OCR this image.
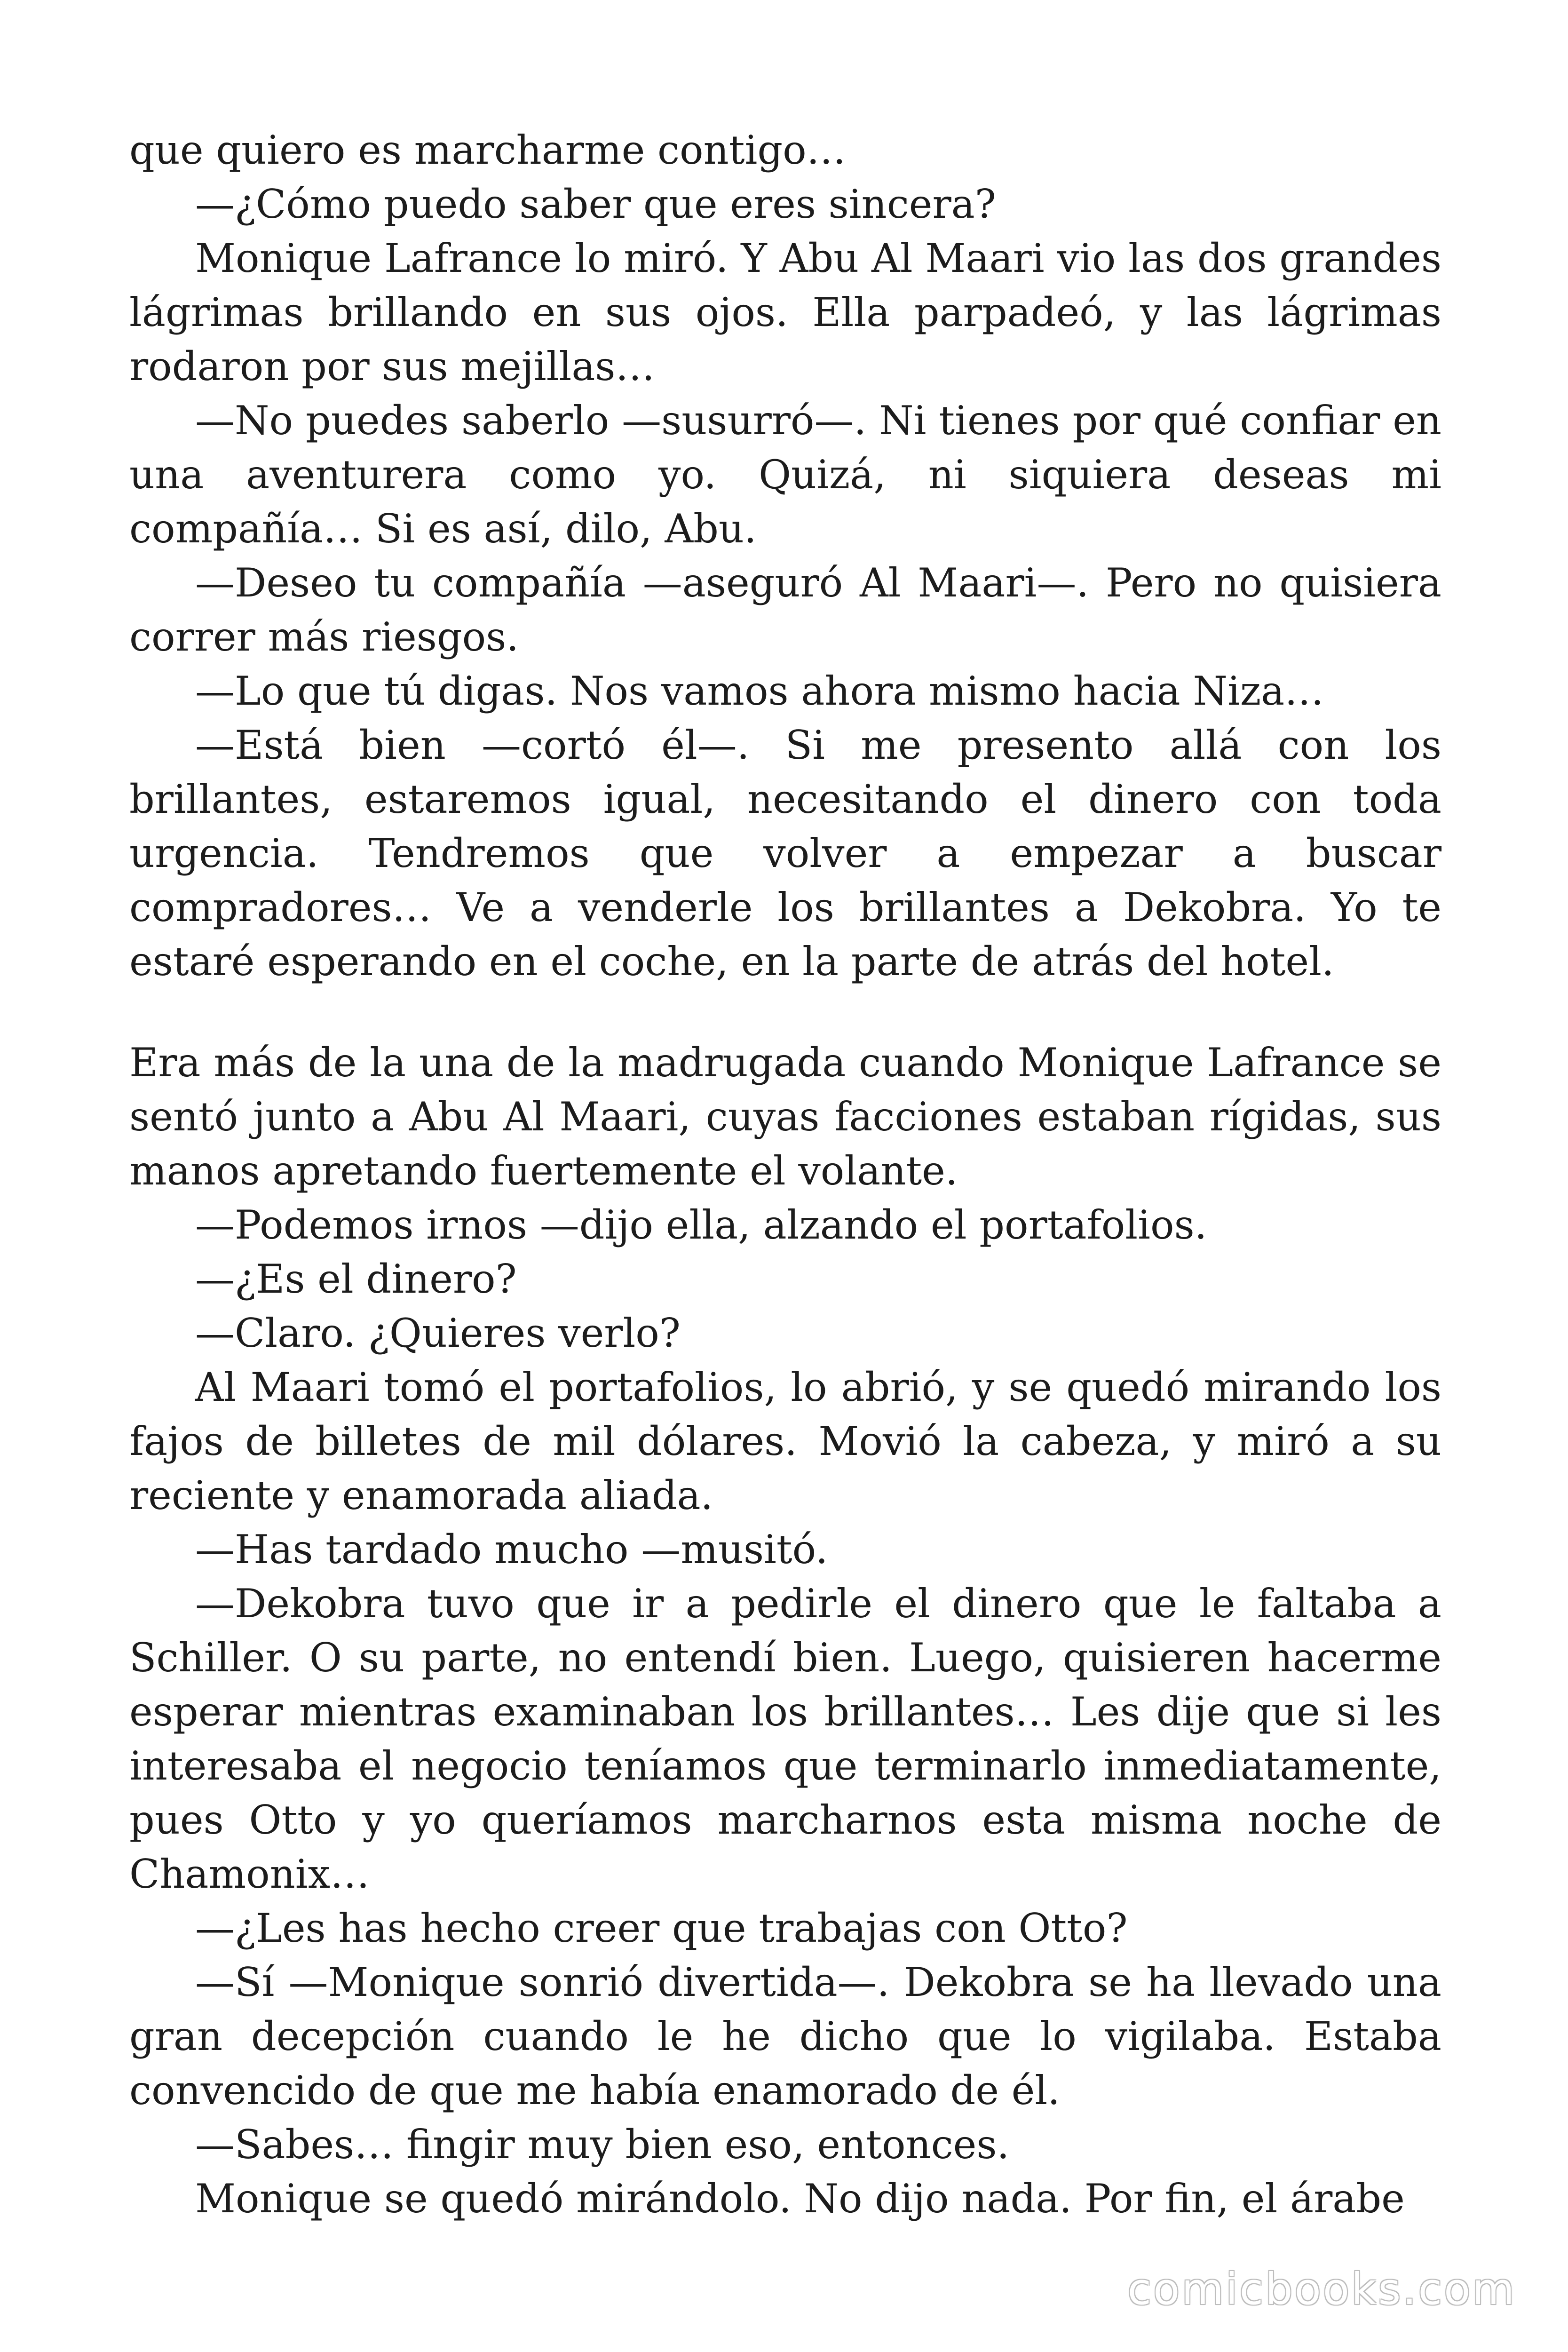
que quiero es marcharme contigo…

—¿Cómo puedo saber que eres sincera?

Monique Lafrance lo miró. Y Abu Al Maari vio las dos grandes lágrimas brillando en sus ojos. Ella parpadeó, y las lágrimas rodaron por sus mejillas…

—No puedes saberlo —susurró—. Ni tienes por qué confiar en una aventurera como yo. Quizá, ni siquiera deseas mi compañía… Si es así, dilo, Abu.

—Deseo tu compañía —aseguró Al Maari—. Pero no quisiera correr más riesgos.

—Lo que tú digas. Nos vamos ahora mismo hacia Niza…

—Está bien —cortó él—. Si me presento allá con los brillantes, estaremos igual, necesitando el dinero con toda urgencia. Tendremos que volver a empezar a buscar compradores… Ve a venderle los brillantes a Dekobra. Yo te estaré esperando en el coche, en la parte de atrás del hotel.

Era más de la una de la madrugada cuando Monique Lafrance se sentó junto a Abu Al Maari, cuyas facciones estaban rígidas, sus manos apretando fuertemente el volante.

—Podemos irnos —dijo ella, alzando el portafolios.

—¿Es el dinero?

—Claro. ¿Quieres verlo?

Al Maari tomó el portafolios, lo abrió, y se quedó mirando los fajos de billetes de mil dólares. Movió la cabeza, y miró a su reciente y enamorada aliada.

—Has tardado mucho —musitó.

—Dekobra tuvo que ir a pedirle el dinero que le faltaba a Schiller. O su parte, no entendí bien. Luego, quisieren hacerme esperar mientras examinaban los brillantes… Les dije que si les interesaba el negocio teníamos que terminarlo inmediatamente, pues Otto y yo queríamos marcharnos esta misma noche de Chamonix…

—¿Les has hecho creer que trabajas con Otto?

—Sí —Monique sonrió divertida—. Dekobra se ha llevado una gran decepción cuando le he dicho que lo vigilaba. Estaba convencido de que me había enamorado de él.

—Sabes… fingir muy bien eso, entonces.

Monique se quedó mirándolo. No dijo nada. Por fin, el árabe

comicbooks.com
